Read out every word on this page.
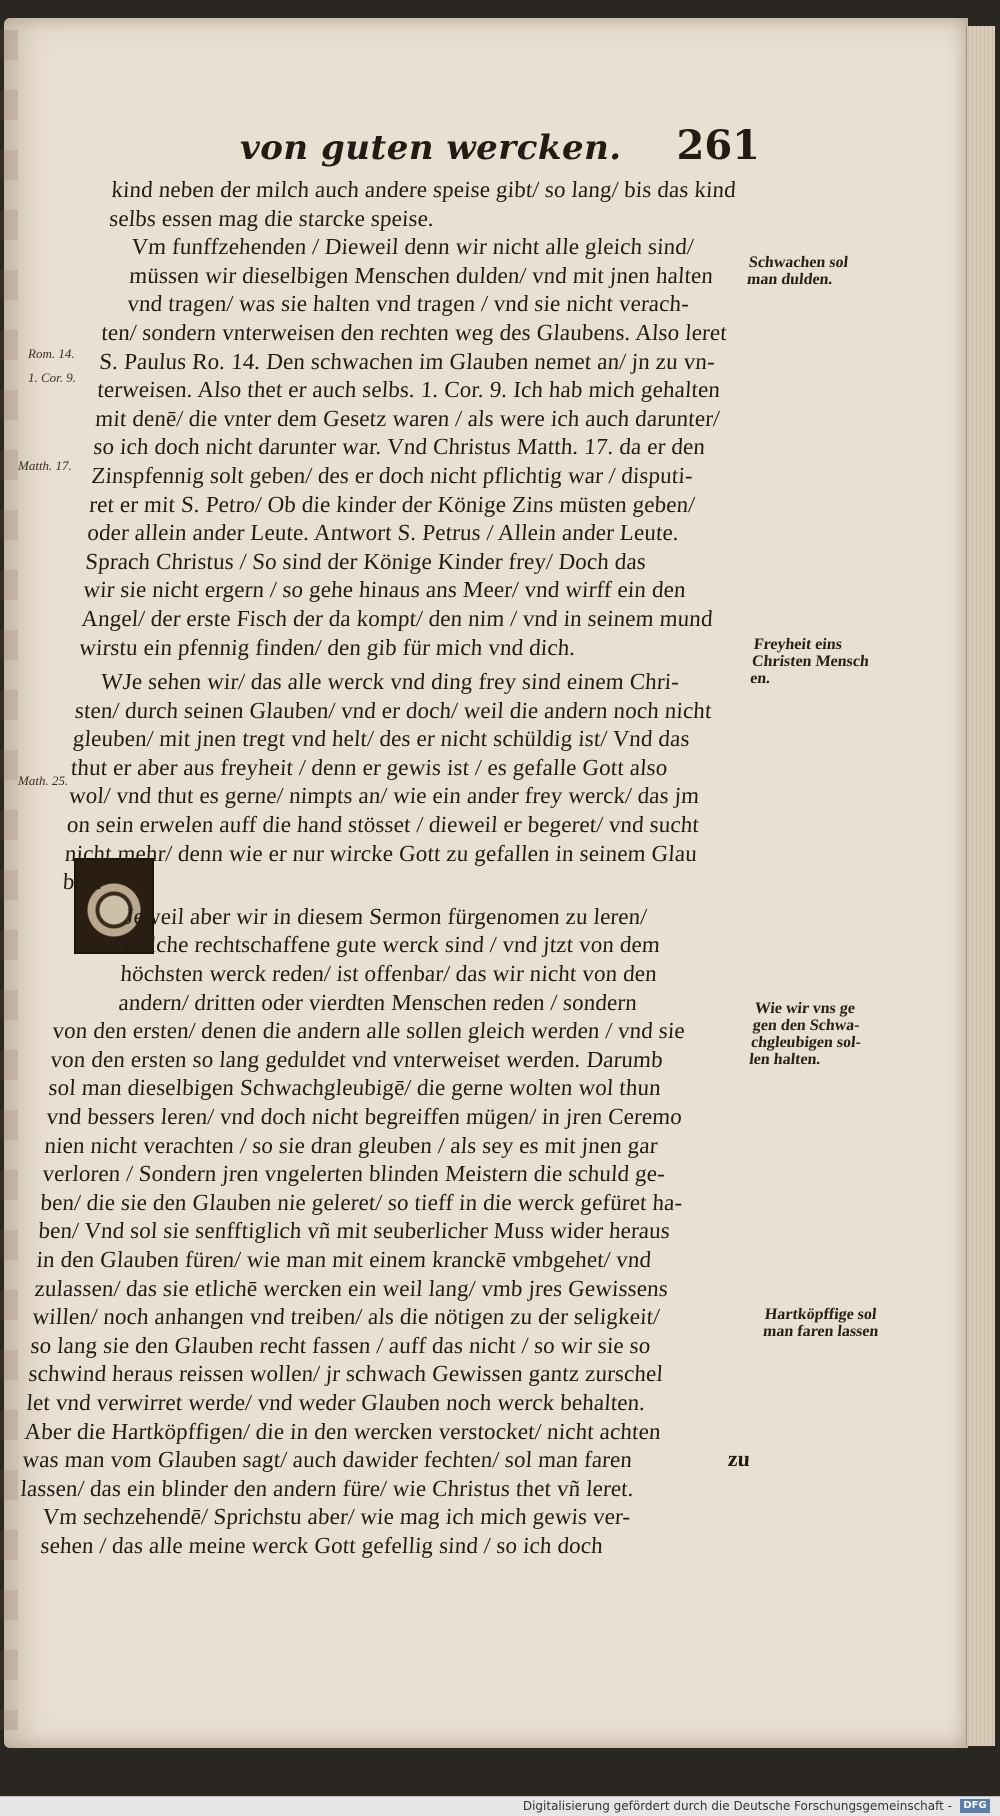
von guten wercken. 261
Rom. 14.
1. Cor. 9.
Matth. 17.
Math. 25.
Schwachen sol
man dulden.
Freyheit eins
Christen Mensch
en.
Wie wir vns ge
gen den Schwa-
chgleubigen sol-
len halten.
Hartköpffige sol
man faren lassen
kind neben der milch auch andere speise gibt/ so lang/ bis das kind
selbs essen mag die starcke speise.
Vm funffzehenden / Dieweil denn wir nicht alle gleich sind/
müssen wir dieselbigen Menschen dulden/ vnd mit jnen halten
vnd tragen/ was sie halten vnd tragen / vnd sie nicht verach-
ten/ sondern vnterweisen den rechten weg des Glaubens. Also leret
S. Paulus Ro. 14. Den schwachen im Glauben nemet an/ jn zu vn-
terweisen. Also thet er auch selbs. 1. Cor. 9. Ich hab mich gehalten
mit denē/ die vnter dem Gesetz waren / als were ich auch darunter/
so ich doch nicht darunter war. Vnd Christus Matth. 17. da er den
Zinspfennig solt geben/ des er doch nicht pflichtig war / disputi-
ret er mit S. Petro/ Ob die kinder der Könige Zins müsten geben/
oder allein ander Leute. Antwort S. Petrus / Allein ander Leute.
Sprach Christus / So sind der Könige Kinder frey/ Doch das
wir sie nicht ergern / so gehe hinaus ans Meer/ vnd wirff ein den
Angel/ der erste Fisch der da kompt/ den nim / vnd in seinem mund
wirstu ein pfennig finden/ den gib für mich vnd dich.
WJe sehen wir/ das alle werck vnd ding frey sind einem Chri-
sten/ durch seinen Glauben/ vnd er doch/ weil die andern noch nicht
gleuben/ mit jnen tregt vnd helt/ des er nicht schüldig ist/ Vnd das
thut er aber aus freyheit / denn er gewis ist / es gefalle Gott also
wol/ vnd thut es gerne/ nimpts an/ wie ein ander frey werck/ das jm
on sein erwelen auff die hand stösset / dieweil er begeret/ vnd sucht
nicht mehr/ denn wie er nur wircke Gott zu gefallen in seinem Glau
ben.
Jeweil aber wir in diesem Sermon fürgenomen zu leren/
welche rechtschaffene gute werck sind / vnd jtzt von dem
höchsten werck reden/ ist offenbar/ das wir nicht von den
andern/ dritten oder vierdten Menschen reden / sondern
von den ersten/ denen die andern alle sollen gleich werden / vnd sie
von den ersten so lang geduldet vnd vnterweiset werden. Darumb
sol man dieselbigen Schwachgleubigē/ die gerne wolten wol thun
vnd bessers leren/ vnd doch nicht begreiffen mügen/ in jren Ceremo
nien nicht verachten / so sie dran gleuben / als sey es mit jnen gar
verloren / Sondern jren vngelerten blinden Meistern die schuld ge-
ben/ die sie den Glauben nie geleret/ so tieff in die werck gefüret ha-
ben/ Vnd sol sie senfftiglich vñ mit seuberlicher Muss wider heraus
in den Glauben füren/ wie man mit einem kranckē vmbgehet/ vnd
zulassen/ das sie etlichē wercken ein weil lang/ vmb jres Gewissens
willen/ noch anhangen vnd treiben/ als die nötigen zu der seligkeit/
so lang sie den Glauben recht fassen / auff das nicht / so wir sie so
schwind heraus reissen wollen/ jr schwach Gewissen gantz zurschel
let vnd verwirret werde/ vnd weder Glauben noch werck behalten.
Aber die Hartköpffigen/ die in den wercken verstocket/ nicht achten
was man vom Glauben sagt/ auch dawider fechten/ sol man faren
lassen/ das ein blinder den andern füre/ wie Christus thet vñ leret.
Vm sechzehendē/ Sprichstu aber/ wie mag ich mich gewis ver-
sehen / das alle meine werck Gott gefellig sind / so ich doch
zu
Digitalisierung gefördert durch die Deutsche Forschungsgemeinschaft -	DFG
